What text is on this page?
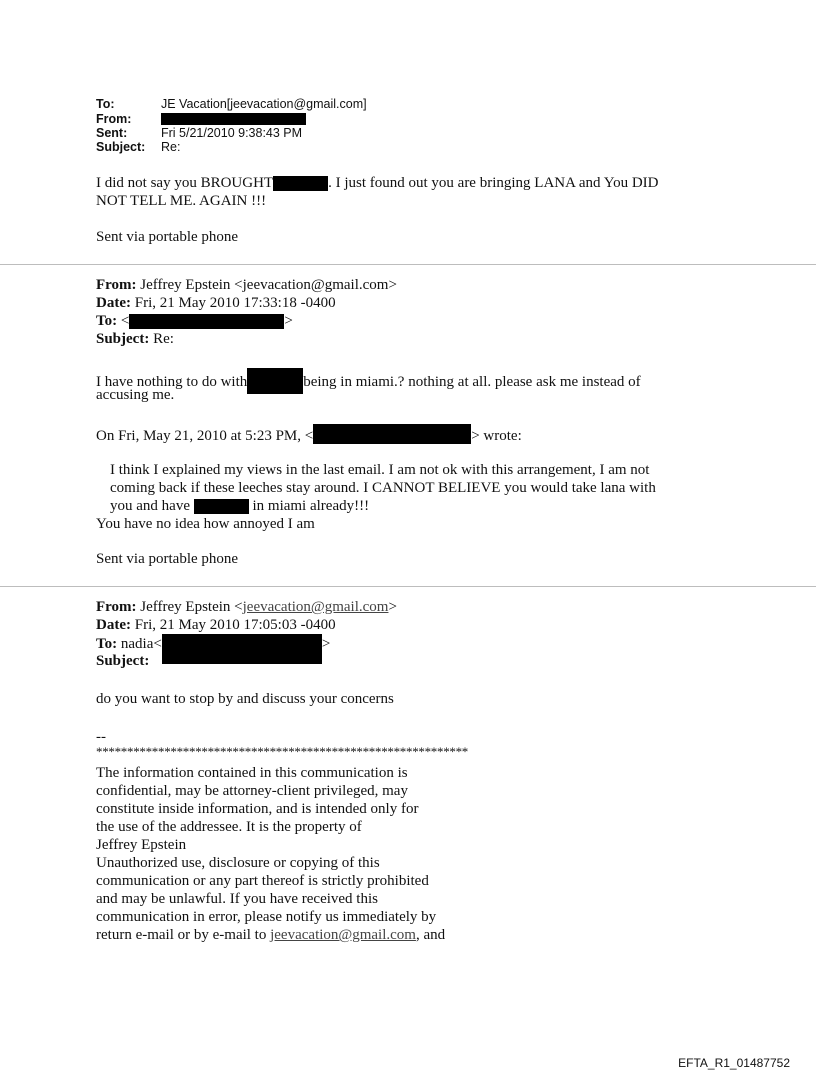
To:	JE Vacation[jeevacation@gmail.com]
From:
Sent:	Fri 5/21/2010 9:38:43 PM
Subject: Re:
I did not say you BROUGHT	. I just found out you are bringing LANA and You DID
NOT TELL ME. AGAIN !!!
Sent via portable phone
From: Jeffrey Epstein <jeevacation@gmail.com>
Date: Fri, 21 May 2010 17:33:18 -0400
To: <	>
Subject: Re:
I have nothing to do with	being in miami.? nothing at all. please ask me instead of
accusing me.
On Fri, May 21, 2010 at 5:23 PM, <	> wrote:
I think I explained my views in the last email. I am not ok with this arrangement, I am not
coming back if these leeches stay around. I CANNOT BELIEVE you would take lana with
you and have	in miami already!!!
You have no idea how annoyed I am
Sent via portable phone
From: Jeffrey Epstein <jeevacation@gmail.com>
Date: Fri, 21 May 2010 17:05:03 -0400
To: nadia<	>
Subject:
do you want to stop by and discuss your concerns
--
************************************************************
The information contained in this communication is
confidential, may be attorney-client privileged, may
constitute inside information, and is intended only for
the use of the addressee. It is the property of
Jeffrey Epstein
Unauthorized use, disclosure or copying of this
communication or any part thereof is strictly prohibited
and may be unlawful. If you have received this
communication in error, please notify us immediately by
return e-mail or by e-mail to jeevacation@gmail.com, and
EFTA_R1_01487752
